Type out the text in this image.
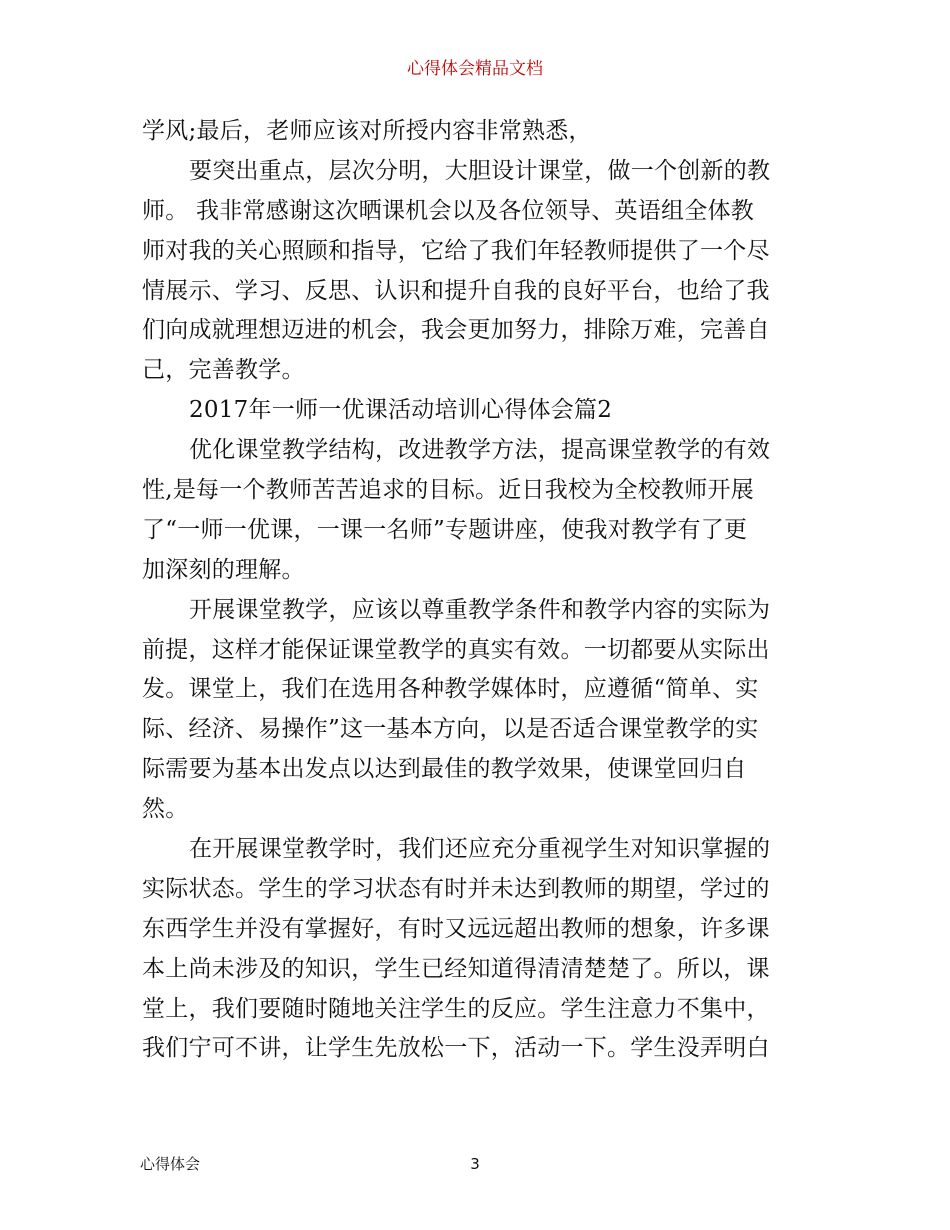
心得体会精品文档
学风;最后，老师应该对所授内容非常熟悉，
要突出重点，层次分明，大胆设计课堂，做一个创新的教
师。 我非常感谢这次晒课机会以及各位领导、英语组全体教
师对我的关心照顾和指导，它给了我们年轻教师提供了一个尽
情展示、学习、反思、认识和提升自我的良好平台，也给了我
们向成就理想迈进的机会，我会更加努力，排除万难，完善自
己，完善教学。
2017年一师一优课活动培训心得体会篇2
优化课堂教学结构，改进教学方法，提高课堂教学的有效
性,是每一个教师苦苦追求的目标。近日我校为全校教师开展
了“一师一优课，一课一名师”专题讲座，使我对教学有了更
加深刻的理解。
开展课堂教学，应该以尊重教学条件和教学内容的实际为
前提，这样才能保证课堂教学的真实有效。一切都要从实际出
发。课堂上，我们在选用各种教学媒体时，应遵循“简单、实
际、经济、易操作”这一基本方向，以是否适合课堂教学的实
际需要为基本出发点以达到最佳的教学效果，使课堂回归自
然。
在开展课堂教学时，我们还应充分重视学生对知识掌握的
实际状态。学生的学习状态有时并未达到教师的期望，学过的
东西学生并没有掌握好，有时又远远超出教师的想象，许多课
本上尚未涉及的知识，学生已经知道得清清楚楚了。所以，课
堂上，我们要随时随地关注学生的反应。学生注意力不集中，
我们宁可不讲，让学生先放松一下，活动一下。学生没弄明白
心得体会	3
